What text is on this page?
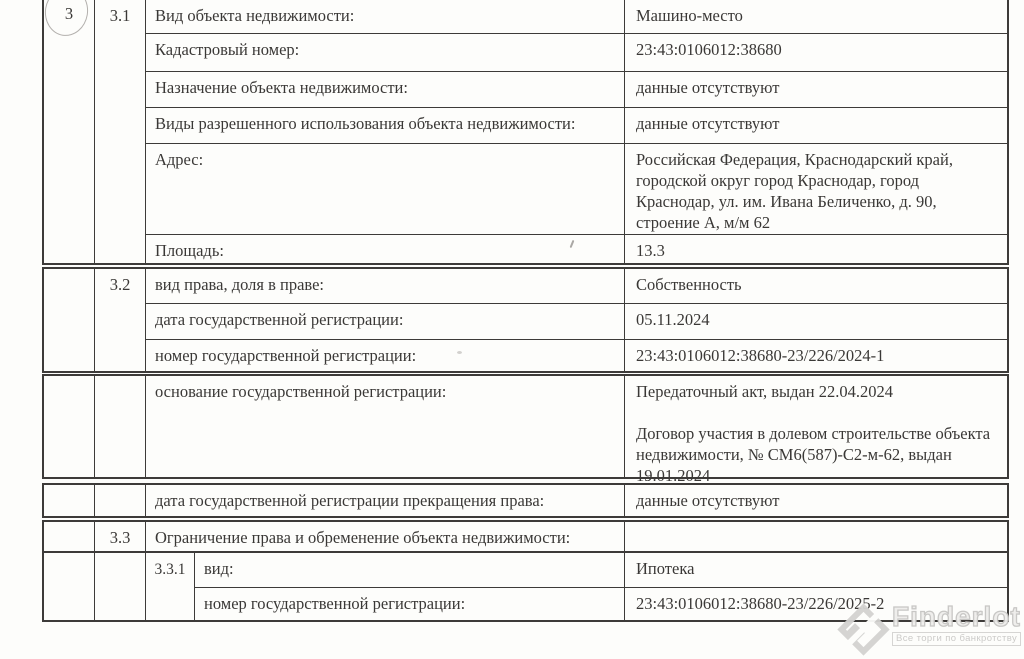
3	3.1	Вид объекта недвижимости:	Машино-место
Кадастровый номер:	23:43:0106012:38680
Назначение объекта недвижимости:	данные отсутствуют
Виды разрешенного использования объекта недвижимости:	данные отсутствуют
Адрес:	Российская Федерация, Краснодарский край, городской округ город Краснодар, город Краснодар, ул. им. Ивана Беличенко, д. 90, строение А, м/м 62
Площадь:	13.3
3.2	вид права, доля в праве:	Собственность
дата государственной регистрации:	05.11.2024
номер государственной регистрации:	23:43:0106012:38680-23/226/2024-1
основание государственной регистрации:	Передаточный акт, выдан 22.04.2024

Договор участия в долевом строительстве объекта недвижимости, № СМ6(587)-С2-м-62, выдан 19.01.2024

дата государственной регистрации прекращения права:	данные отсутствуют
3.3	Ограничение права и обременение объекта недвижимости:
3.3.1	вид:	Ипотека
номер государственной регистрации:	23:43:0106012:38680-23/226/2025-2 Finderlot
Все торги по банкротству
